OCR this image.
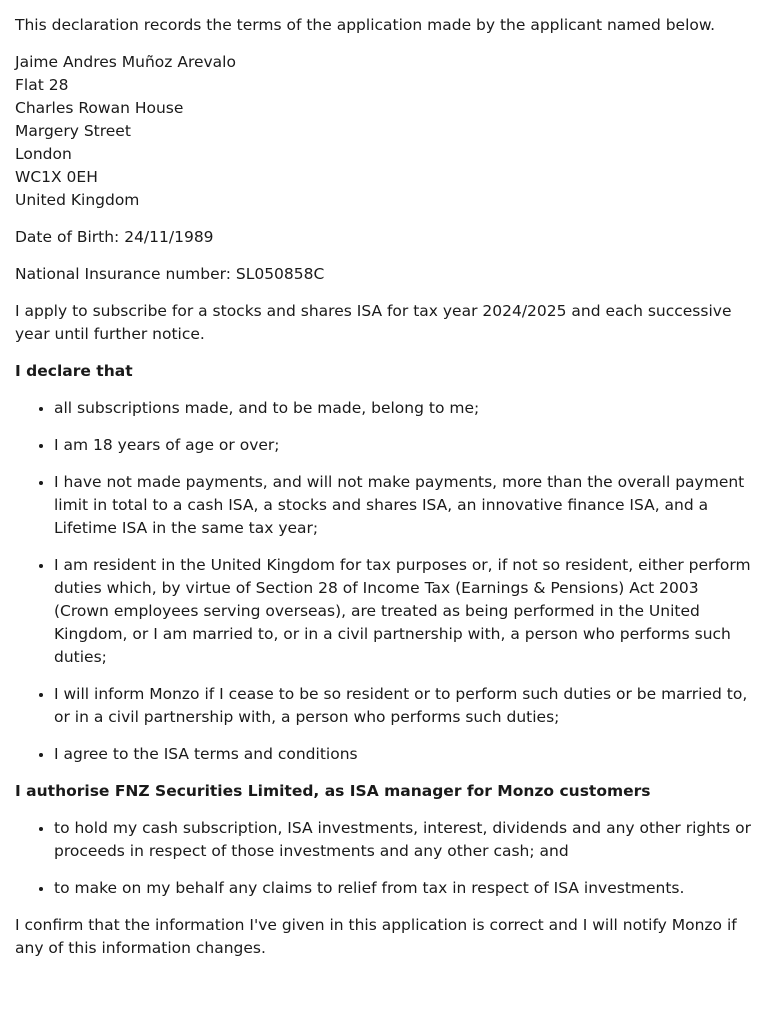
This declaration records the terms of the application made by the applicant named below.

Jaime Andres Muñoz Arevalo
Flat 28
Charles Rowan House
Margery Street
London
WC1X 0EH
United Kingdom

Date of Birth: 24/11/1989

National Insurance number: SL050858C

I apply to subscribe for a stocks and shares ISA for tax year 2024/2025 and each successive year until further notice.

I declare that

• all subscriptions made, and to be made, belong to me;
• I am 18 years of age or over;
• I have not made payments, and will not make payments, more than the overall payment limit in total to a cash ISA, a stocks and shares ISA, an innovative finance ISA, and a Lifetime ISA in the same tax year;
• I am resident in the United Kingdom for tax purposes or, if not so resident, either perform duties which, by virtue of Section 28 of Income Tax (Earnings & Pensions) Act 2003 (Crown employees serving overseas), are treated as being performed in the United Kingdom, or I am married to, or in a civil partnership with, a person who performs such duties;
• I will inform Monzo if I cease to be so resident or to perform such duties or be married to, or in a civil partnership with, a person who performs such duties;
• I agree to the ISA terms and conditions

I authorise FNZ Securities Limited, as ISA manager for Monzo customers

• to hold my cash subscription, ISA investments, interest, dividends and any other rights or proceeds in respect of those investments and any other cash; and
• to make on my behalf any claims to relief from tax in respect of ISA investments.

I confirm that the information I've given in this application is correct and I will notify Monzo if any of this information changes.
